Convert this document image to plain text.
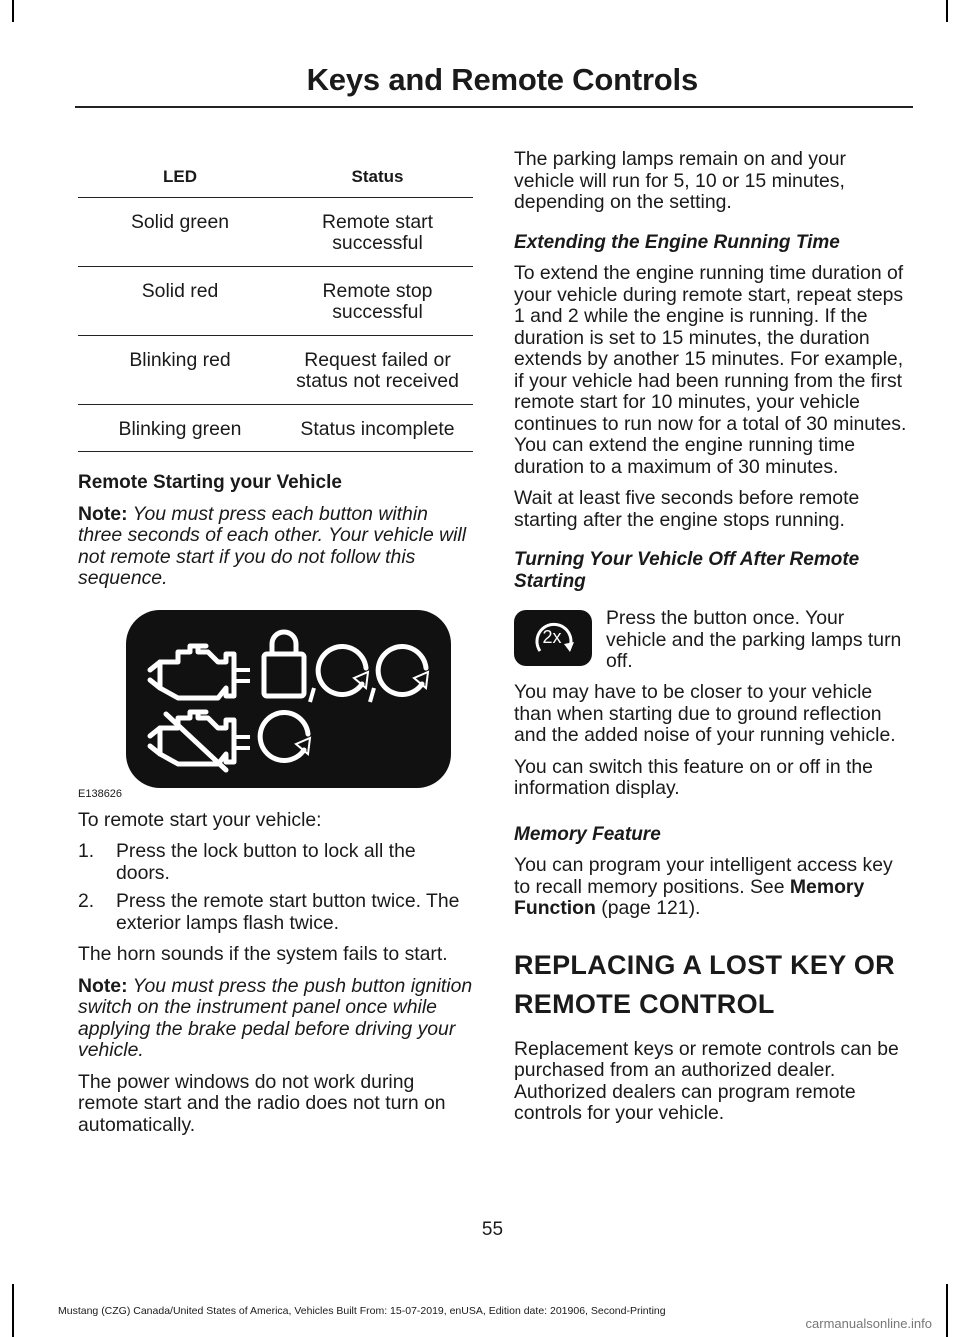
Keys and Remote Controls
LED	Status
Solid green	Remote start successful
Solid red	Remote stop successful
Blinking red	Request failed or status not received
Blinking green	Status incomplete
Remote Starting your Vehicle

Note: You must press each button within three seconds of each other. Your vehicle will not remote start if you do not follow this sequence.

E138626

To remote start your vehicle:

1. Press the lock button to lock all the doors.
2. Press the remote start button twice. The exterior lamps flash twice.

The horn sounds if the system fails to start.

Note: You must press the push button ignition switch on the instrument panel once while applying the brake pedal before driving your vehicle.

The power windows do not work during remote start and the radio does not turn on automatically.

The parking lamps remain on and your vehicle will run for 5, 10 or 15 minutes, depending on the setting.

Extending the Engine Running Time

To extend the engine running time duration of your vehicle during remote start, repeat steps 1 and 2 while the engine is running. If the duration is set to 15 minutes, the duration extends by another 15 minutes. For example, if your vehicle had been running from the first remote start for 10 minutes, your vehicle continues to run now for a total of 30 minutes. You can extend the engine running time duration to a maximum of 30 minutes.

Wait at least five seconds before remote starting after the engine stops running.

Turning Your Vehicle Off After Remote Starting
2x

Press the button once. Your vehicle and the parking lamps turn off.

You may have to be closer to your vehicle than when starting due to ground reflection and the added noise of your running vehicle.

You can switch this feature on or off in the information display.

Memory Feature

You can program your intelligent access key to recall memory positions. See Memory Function (page 121).

REPLACING A LOST KEY OR
REMOTE CONTROL

Replacement keys or remote controls can be purchased from an authorized dealer. Authorized dealers can program remote controls for your vehicle.

55
Mustang (CZG) Canada/United States of America, Vehicles Built From: 15-07-2019, enUSA, Edition date: 201906, Second-Printing
carmanualsonline.info
